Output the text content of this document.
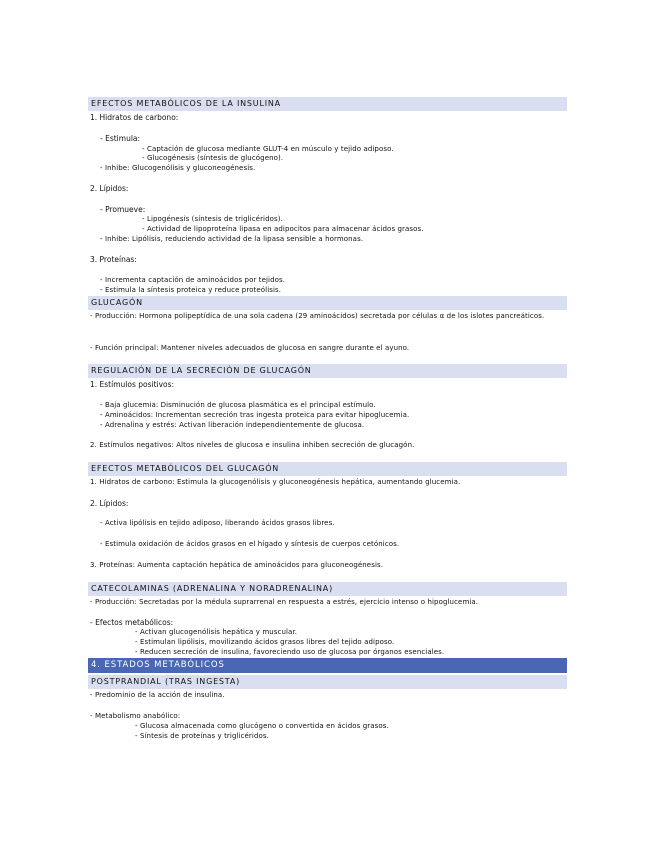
EFECTOS METABÓLICOS DE LA INSULINA
1. Hidratos de carbono:
- Estimula:
- Captación de glucosa mediante GLUT-4 en músculo y tejido adiposo.
- Glucogénesis (síntesis de glucógeno).
- Inhibe: Glucogenólisis y gluconeogénesis.
2. Lípidos:
- Promueve:
- Lipogénesis (síntesis de triglicéridos).
- Actividad de lipoproteína lipasa en adipocitos para almacenar ácidos grasos.
- Inhibe: Lipólisis, reduciendo actividad de la lipasa sensible a hormonas.
3. Proteínas:
- Incrementa captación de aminoácidos por tejidos.
- Estimula la síntesis proteica y reduce proteólisis.
GLUCAGÓN
- Producción: Hormona polipeptídica de una sola cadena (29 aminoácidos) secretada por células α de los islotes pancreáticos.
- Función principal: Mantener niveles adecuados de glucosa en sangre durante el ayuno.
REGULACIÓN DE LA SECRECIÓN DE GLUCAGÓN
1. Estímulos positivos:
- Baja glucemia: Disminución de glucosa plasmática es el principal estímulo.
- Aminoácidos: Incrementan secreción tras ingesta proteica para evitar hipoglucemia.
- Adrenalina y estrés: Activan liberación independientemente de glucosa.
2. Estímulos negativos: Altos niveles de glucosa e insulina inhiben secreción de glucagón.
EFECTOS METABÓLICOS DEL GLUCAGÓN
1. Hidratos de carbono: Estimula la glucogenólisis y gluconeogénesis hepática, aumentando glucemia.
2. Lípidos:
- Activa lipólisis en tejido adiposo, liberando ácidos grasos libres.
- Estimula oxidación de ácidos grasos en el hígado y síntesis de cuerpos cetónicos.
3. Proteínas: Aumenta captación hepática de aminoácidos para gluconeogénesis.
CATECOLAMINAS (ADRENALINA Y NORADRENALINA)
- Producción: Secretadas por la médula suprarrenal en respuesta a estrés, ejercicio intenso o hipoglucemia.
- Efectos metabólicos:
- Activan glucogenólisis hepática y muscular.
- Estimulan lipólisis, movilizando ácidos grasos libres del tejido adiposo.
- Reducen secreción de insulina, favoreciendo uso de glucosa por órganos esenciales.
4. ESTADOS METABÓLICOS
POSTPRANDIAL (TRAS INGESTA)
- Predominio de la acción de insulina.
- Metabolismo anabólico:
- Glucosa almacenada como glucógeno o convertida en ácidos grasos.
- Síntesis de proteínas y triglicéridos.
